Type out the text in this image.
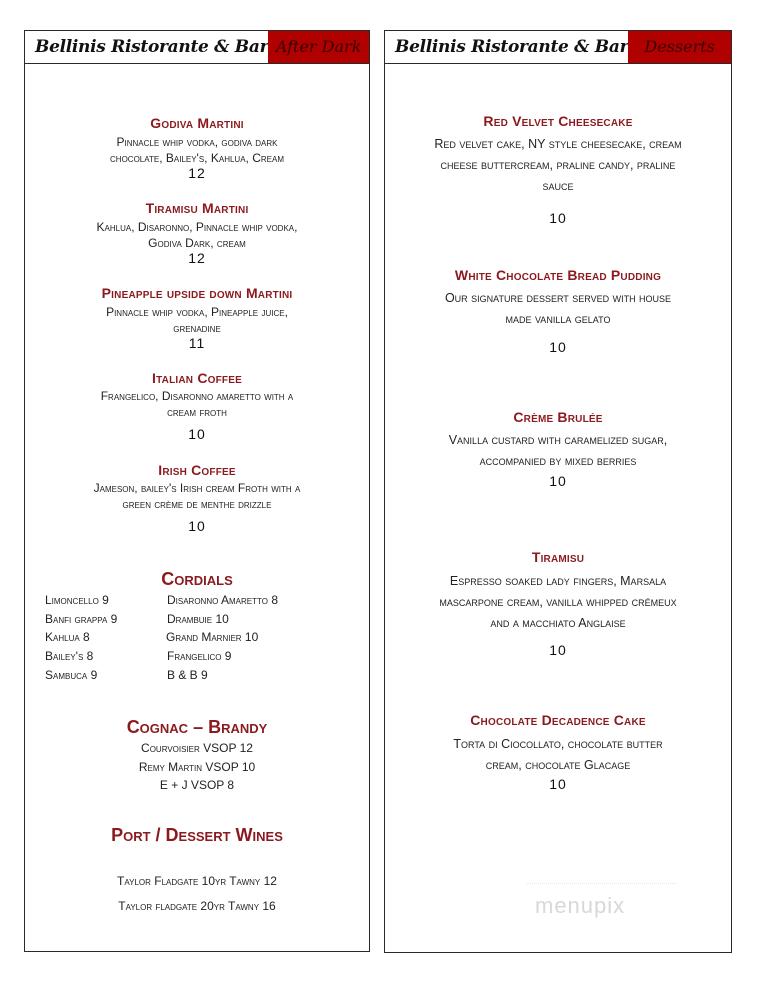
Bellinis Ristorante & Bar After Dark
Godiva Martini
Pinnacle whip vodka, godiva dark
chocolate, Bailey's, Kahlua, Cream
12
Tiramisu Martini
Kahlua, Disaronno, Pinnacle whip vodka,
Godiva Dark, cream
12
Pineapple upside down Martini
Pinnacle whip vodka, Pineapple juice,
grenadine
11
Italian Coffee
Frangelico, Disaronno amaretto with a
cream froth
10
Irish Coffee
Jameson, bailey's Irish cream Froth with a
green crème de menthe drizzle
10
Cordials
Limoncello 9
Banfi grappa 9
Kahlua 8
Bailey's 8
Sambuca 9
Disaronno Amaretto 8
Drambuie 10
Grand Marnier 10
Frangelico 9
B & B 9
Cognac – Brandy
Courvoisier VSOP 12
Remy Martin VSOP 10
E + J VSOP 8
Port / Dessert Wines
Taylor Fladgate 10yr Tawny 12
Taylor fladgate 20yr Tawny 16
Bellinis Ristorante & Bar	Desserts
Red Velvet Cheesecake
Red velvet cake, NY style cheesecake, cream
cheese buttercream, praline candy, praline
sauce
10
White Chocolate Bread Pudding
Our signature dessert served with house
made vanilla gelato
10
Crème Brulée
Vanilla custard with caramelized sugar,
accompanied by mixed berries
10
Tiramisu
Espresso soaked lady fingers, Marsala
mascarpone cream, vanilla whipped crémeux
and a macchiato Anglaise
10
Chocolate Decadence Cake
Torta di Ciocollato, chocolate butter
cream, chocolate Glacage
10
menupix
